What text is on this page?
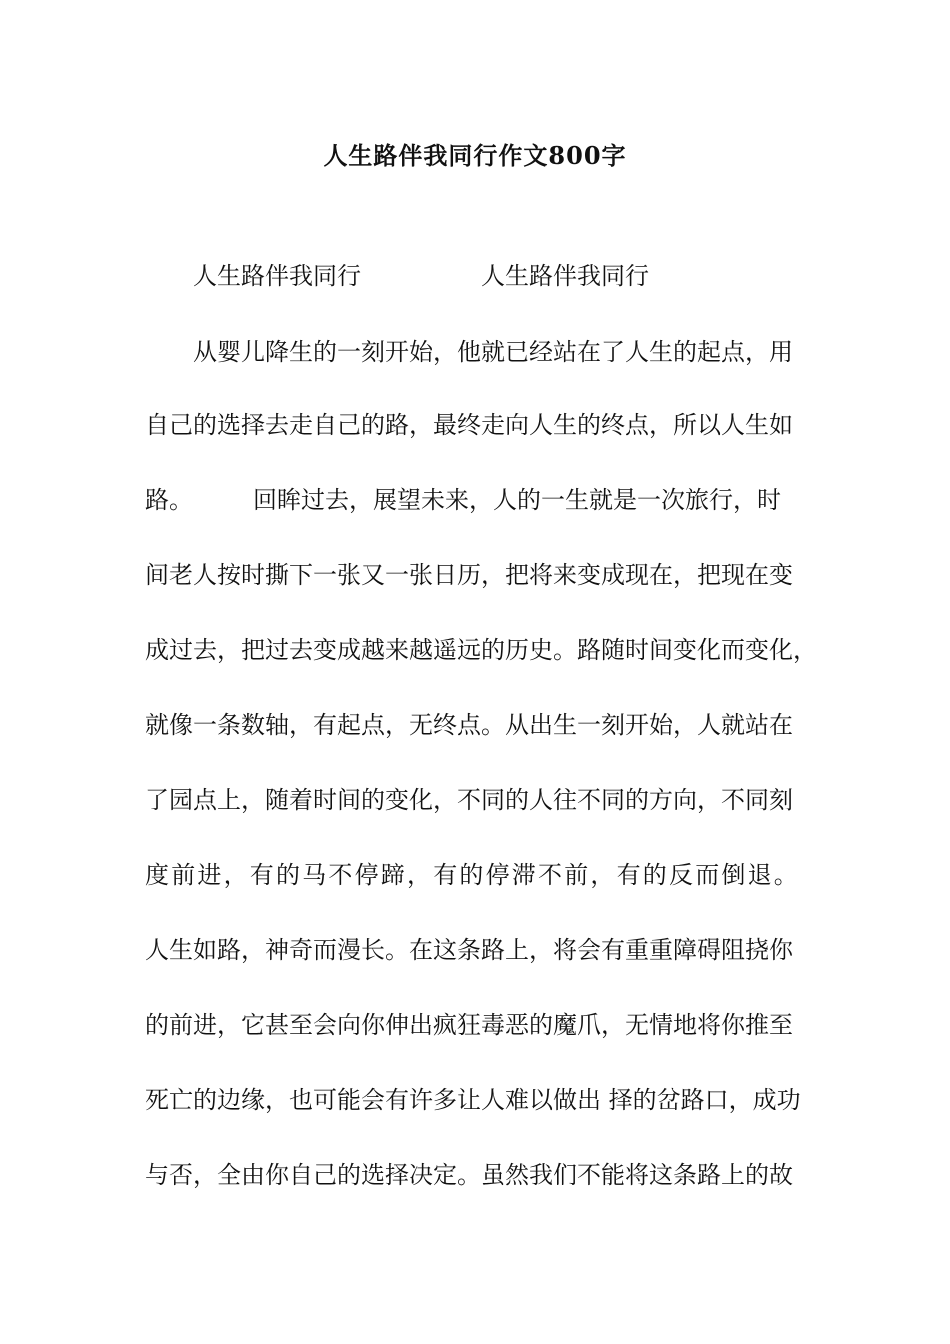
人生路伴我同行作文800字
人生路伴我同行　　　　　人生路伴我同行
从婴儿降生的一刻开始，他就已经站在了人生的起点，用
自己的选择去走自己的路，最终走向人生的终点，所以人生如
路。　　　回眸过去，展望未来，人的一生就是一次旅行，时
间老人按时撕下一张又一张日历，把将来变成现在，把现在变
成过去，把过去变成越来越遥远的历史。路随时间变化而变化，
就像一条数轴，有起点，无终点。从出生一刻开始，人就站在
了园点上，随着时间的变化，不同的人往不同的方向，不同刻
度前进，有的马不停蹄，有的停滞不前，有的反而倒退。
人生如路，神奇而漫长。在这条路上，将会有重重障碍阻挠你
的前进，它甚至会向你伸出疯狂毒恶的魔爪，无情地将你推至
死亡的边缘，也可能会有许多让人难以做出 择的岔路口，成功
与否，全由你自己的选择决定。虽然我们不能将这条路上的故
